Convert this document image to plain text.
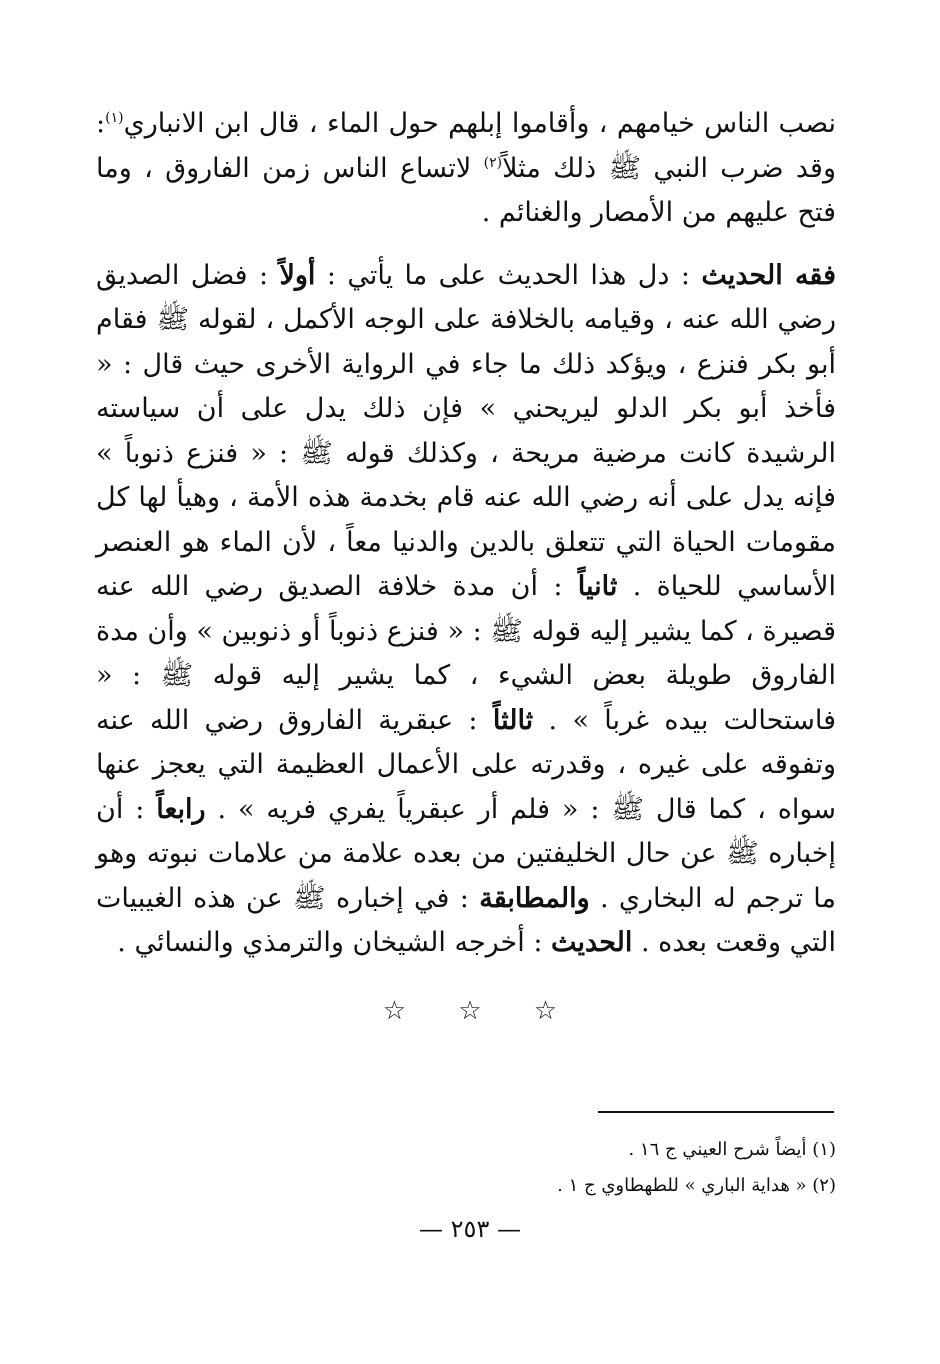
نصب الناس خيامهم ، وأقاموا إبلهم حول الماء ، قال ابن الانباري$^{(١)}$: وقد ضرب النبي ﷺ ذلك مثلاً$^{(٢)}$ لاتساع الناس زمن الفاروق ، وما فتح عليهم من الأمصار والغنائم .

فقه الحديث : دل هذا الحديث على ما يأتي : أولاً : فضل الصديق رضي الله عنه ، وقيامه بالخلافة على الوجه الأكمل ، لقوله ﷺ فقام أبو بكر فنزع ، ويؤكد ذلك ما جاء في الرواية الأخرى حيث قال : « فأخذ أبو بكر الدلو ليريحني » فإن ذلك يدل على أن سياسته الرشيدة كانت مرضية مريحة ، وكذلك قوله ﷺ : « فنزع ذنوباً » فإنه يدل على أنه رضي الله عنه قام بخدمة هذه الأمة ، وهيأ لها كل مقومات الحياة التي تتعلق بالدين والدنيا معاً ، لأن الماء هو العنصر الأساسي للحياة . ثانياً : أن مدة خلافة الصديق رضي الله عنه قصيرة ، كما يشير إليه قوله ﷺ : « فنزع ذنوباً أو ذنوبين » وأن مدة الفاروق طويلة بعض الشيء ، كما يشير إليه قوله ﷺ : « فاستحالت بيده غرباً » . ثالثاً : عبقرية الفاروق رضي الله عنه وتفوقه على غيره ، وقدرته على الأعمال العظيمة التي يعجز عنها سواه ، كما قال ﷺ : « فلم أر عبقرياً يفري فريه » . رابعاً : أن إخباره ﷺ عن حال الخليفتين من بعده علامة من علامات نبوته وهو ما ترجم له البخاري . والمطابقة : في إخباره ﷺ عن هذه الغيبيات التي وقعت بعده . الحديث : أخرجه الشيخان والترمذي والنسائي .

☆ ☆ ☆
(١) أيضاً شرح العيني ج ١٦ .
(٢) « هداية الباري » للطهطاوي ج ١ .
— ٢٥٣ —
